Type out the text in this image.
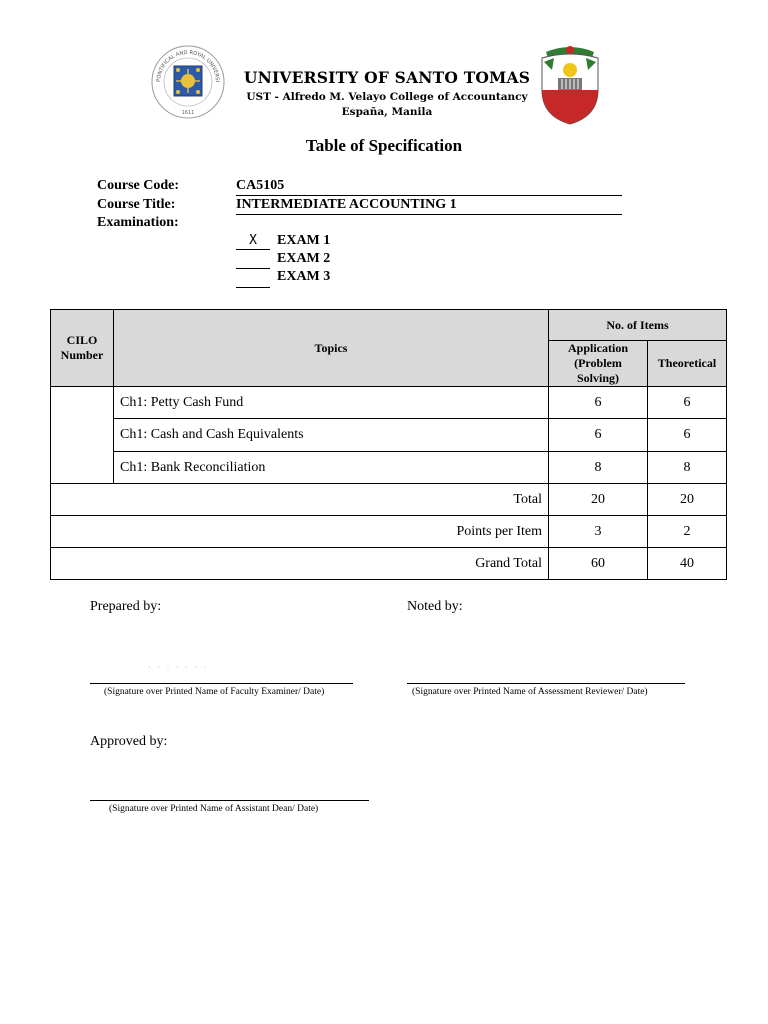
PONTIFICAL AND ROYAL UNIVERSI
1611
UNIVERSITY OF SANTO TOMAS
UST - Alfredo M. Velayo College of Accountancy
España, Manila
Table of Specification
Course Code:	CA5105
Course Title:	INTERMEDIATE ACCOUNTING 1
Examination:
X	EXAM 1
EXAM 2
EXAM 3
CILO Number	Topics	No. of Items	
		Application (Problem Solving)	Theoretical
	Ch1: Petty Cash Fund	6	6
	Ch1: Cash and Cash Equivalents	6	6
	Ch1: Bank Reconciliation	8	8
Total		20	20
Points per Item		3	2
Grand Total		60	40
Prepared by:
· · · · · · ·
(Signature over Printed Name of Faculty Examiner/ Date)
Noted by:
(Signature over Printed Name of Assessment Reviewer/ Date)
Approved by:
(Signature over Printed Name of Assistant Dean/ Date)
